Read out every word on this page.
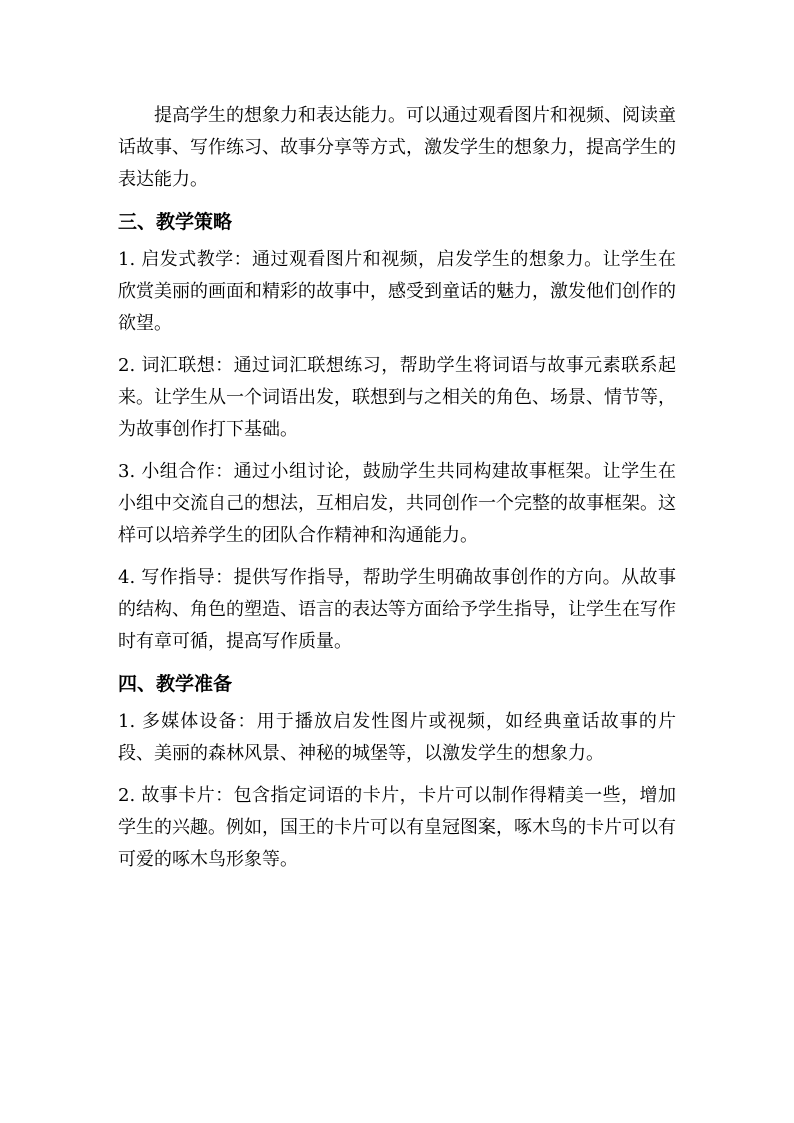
提高学生的想象力和表达能力。可以通过观看图片和视频、阅读童话故事、写作练习、故事分享等方式，激发学生的想象力，提高学生的表达能力。

三、教学策略

1. 启发式教学：通过观看图片和视频，启发学生的想象力。让学生在欣赏美丽的画面和精彩的故事中，感受到童话的魅力，激发他们创作的欲望。

2. 词汇联想：通过词汇联想练习，帮助学生将词语与故事元素联系起来。让学生从一个词语出发，联想到与之相关的角色、场景、情节等，为故事创作打下基础。

3. 小组合作：通过小组讨论，鼓励学生共同构建故事框架。让学生在小组中交流自己的想法，互相启发，共同创作一个完整的故事框架。这样可以培养学生的团队合作精神和沟通能力。

4. 写作指导：提供写作指导，帮助学生明确故事创作的方向。从故事的结构、角色的塑造、语言的表达等方面给予学生指导，让学生在写作时有章可循，提高写作质量。

四、教学准备

1. 多媒体设备：用于播放启发性图片或视频，如经典童话故事的片段、美丽的森林风景、神秘的城堡等，以激发学生的想象力。

2. 故事卡片：包含指定词语的卡片，卡片可以制作得精美一些，增加学生的兴趣。例如，国王的卡片可以有皇冠图案，啄木鸟的卡片可以有可爱的啄木鸟形象等。
